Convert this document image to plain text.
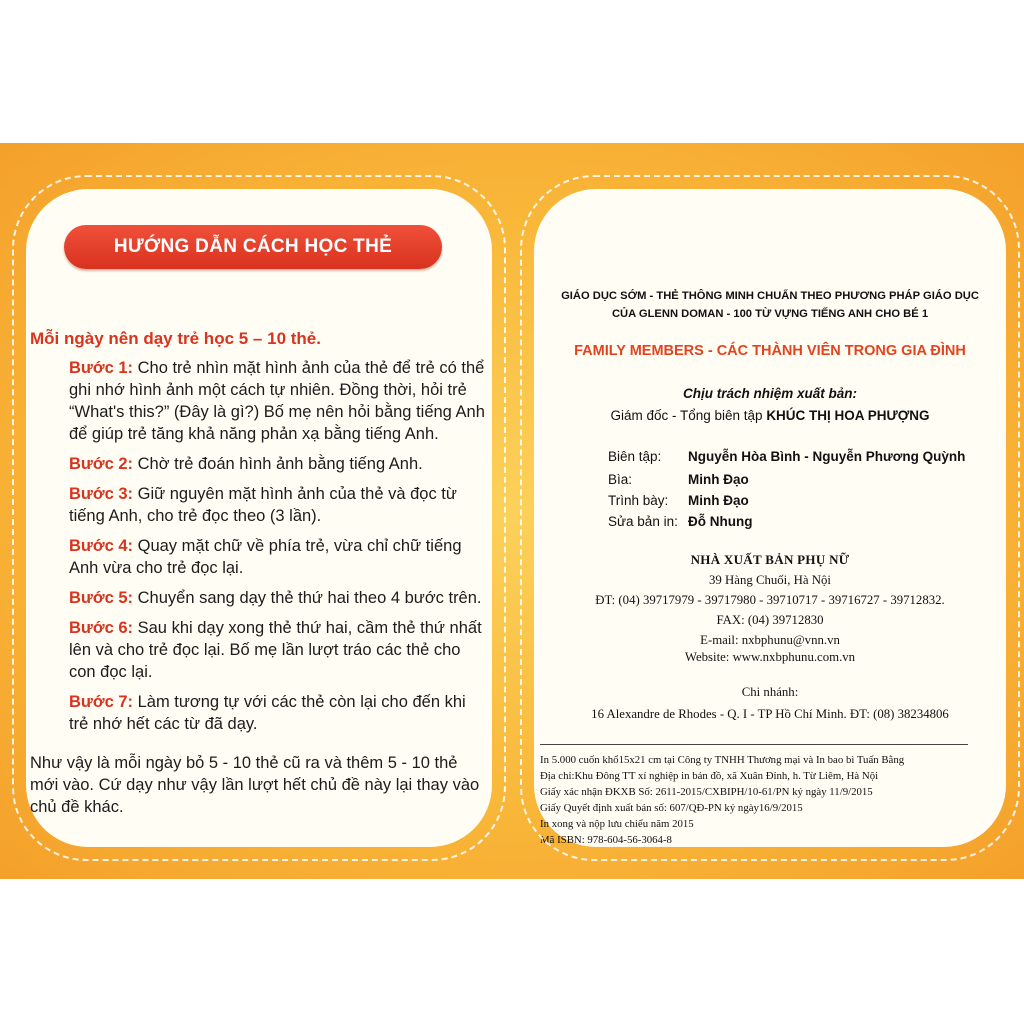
HƯỚNG DẪN CÁCH HỌC THẺ
Mỗi ngày nên dạy trẻ học 5 – 10 thẻ.
Bước 1: Cho trẻ nhìn mặt hình ảnh của thẻ để trẻ có thể ghi nhớ hình ảnh một cách tự nhiên. Đồng thời, hỏi trẻ “What's this?” (Đây là gì?) Bố mẹ nên hỏi bằng tiếng Anh để giúp trẻ tăng khả năng phản xạ bằng tiếng Anh.
Bước 2: Chờ trẻ đoán hình ảnh bằng tiếng Anh.
Bước 3: Giữ nguyên mặt hình ảnh của thẻ và đọc từ tiếng Anh, cho trẻ đọc theo (3 lần).
Bước 4: Quay mặt chữ về phía trẻ, vừa chỉ chữ tiếng Anh vừa cho trẻ đọc lại.
Bước 5: Chuyển sang dạy thẻ thứ hai theo 4 bước trên.
Bước 6: Sau khi dạy xong thẻ thứ hai, cầm thẻ thứ nhất lên và cho trẻ đọc lại. Bố mẹ lần lượt tráo các thẻ cho con đọc lại.
Bước 7: Làm tương tự với các thẻ còn lại cho đến khi trẻ nhớ hết các từ đã dạy.
Như vậy là mỗi ngày bỏ 5 - 10 thẻ cũ ra và thêm 5 - 10 thẻ mới vào. Cứ dạy như vậy lần lượt hết chủ đề này lại thay vào chủ đề khác.
GIÁO DỤC SỚM - THẺ THÔNG MINH CHUẨN THEO PHƯƠNG PHÁP GIÁO DỤC
CỦA GLENN DOMAN - 100 TỪ VỰNG TIẾNG ANH CHO BÉ 1
FAMILY MEMBERS - CÁC THÀNH VIÊN TRONG GIA ĐÌNH
Chịu trách nhiệm xuất bản:
Giám đốc - Tổng biên tập KHÚC THỊ HOA PHƯỢNG
Biên tập: Nguyễn Hòa Bình - Nguyễn Phương Quỳnh
Bìa:	Minh Đạo
Trình bày: Minh Đạo
Sửa bản in: Đỗ Nhung
NHÀ XUẤT BẢN PHỤ NỮ
39 Hàng Chuối, Hà Nội
ĐT: (04) 39717979 - 39717980 - 39710717 - 39716727 - 39712832.
FAX: (04) 39712830
E-mail: nxbphunu@vnn.vn
Website: www.nxbphunu.com.vn
Chi nhánh:
16 Alexandre de Rhodes - Q. I - TP Hồ Chí Minh. ĐT: (08) 38234806
In 5.000 cuốn khổ15x21 cm tại Công ty TNHH Thương mại và In bao bì Tuấn Bằng
Địa chỉ:Khu Đông TT xí nghiệp in bản đồ, xã Xuân Đỉnh, h. Từ Liêm, Hà Nội
Giấy xác nhận ĐKXB Số: 2611-2015/CXBIPH/10-61/PN ký ngày 11/9/2015
Giấy Quyết định xuất bản số: 607/QĐ-PN ký ngày16/9/2015
In xong và nộp lưu chiểu năm 2015
Mã ISBN: 978-604-56-3064-8
